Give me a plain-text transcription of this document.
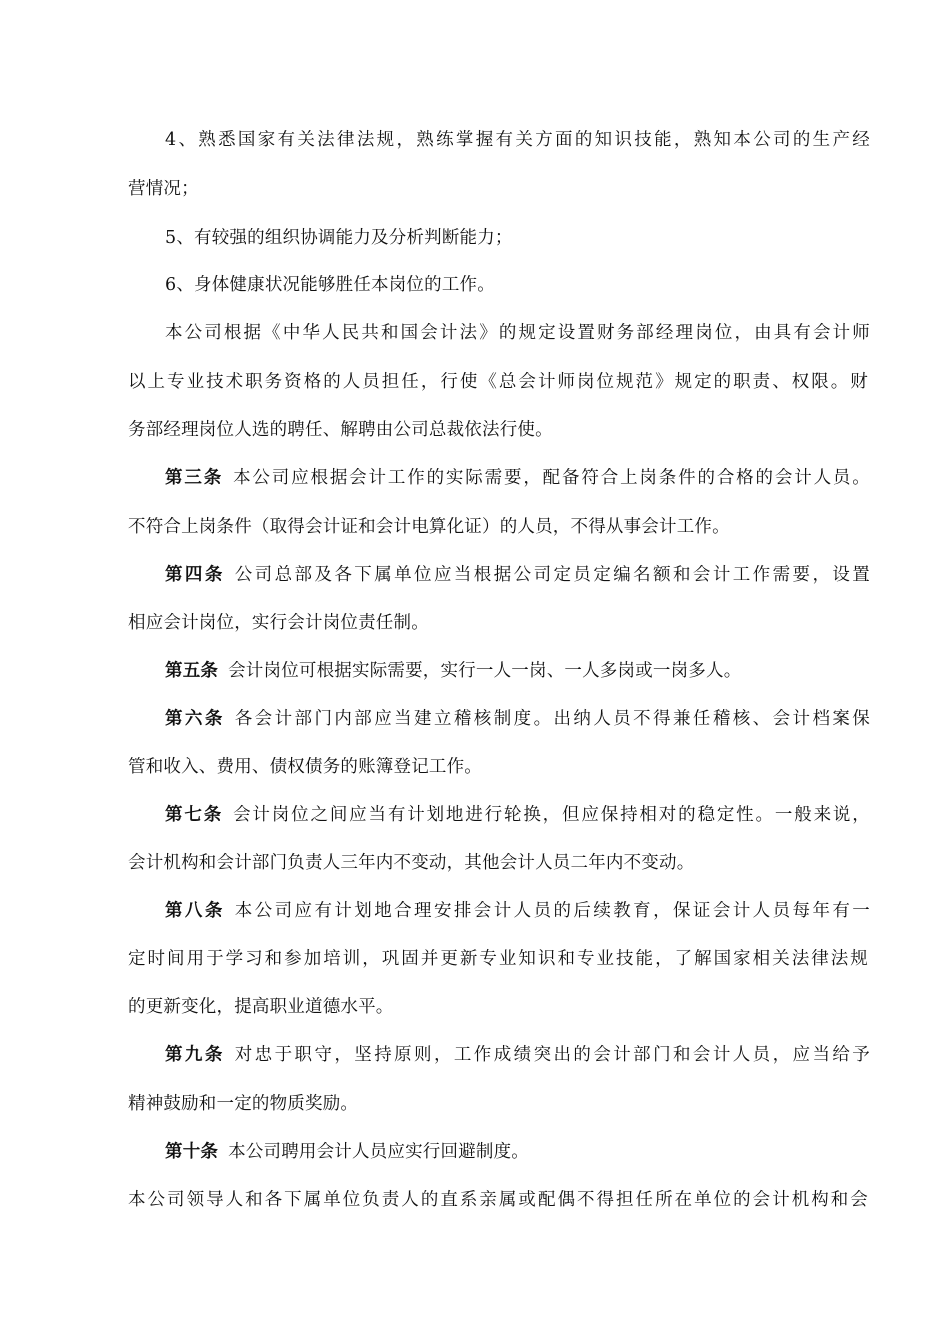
4、熟悉国家有关法律法规，熟练掌握有关方面的知识技能，熟知本公司的生产经
营情况；
5、有较强的组织协调能力及分析判断能力；
6、身体健康状况能够胜任本岗位的工作。
本公司根据《中华人民共和国会计法》的规定设置财务部经理岗位，由具有会计师
以上专业技术职务资格的人员担任，行使《总会计师岗位规范》规定的职责、权限。财
务部经理岗位人选的聘任、解聘由公司总裁依法行使。
第三条 本公司应根据会计工作的实际需要，配备符合上岗条件的合格的会计人员。
不符合上岗条件（取得会计证和会计电算化证）的人员，不得从事会计工作。
第四条 公司总部及各下属单位应当根据公司定员定编名额和会计工作需要，设置
相应会计岗位，实行会计岗位责任制。
第五条 会计岗位可根据实际需要，实行一人一岗、一人多岗或一岗多人。
第六条 各会计部门内部应当建立稽核制度。出纳人员不得兼任稽核、会计档案保
管和收入、费用、债权债务的账簿登记工作。
第七条 会计岗位之间应当有计划地进行轮换，但应保持相对的稳定性。一般来说，
会计机构和会计部门负责人三年内不变动，其他会计人员二年内不变动。
第八条 本公司应有计划地合理安排会计人员的后续教育，保证会计人员每年有一
定时间用于学习和参加培训，巩固并更新专业知识和专业技能，了解国家相关法律法规
的更新变化，提高职业道德水平。
第九条 对忠于职守，坚持原则，工作成绩突出的会计部门和会计人员，应当给予
精神鼓励和一定的物质奖励。
第十条 本公司聘用会计人员应实行回避制度。
本公司领导人和各下属单位负责人的直系亲属或配偶不得担任所在单位的会计机构和会
